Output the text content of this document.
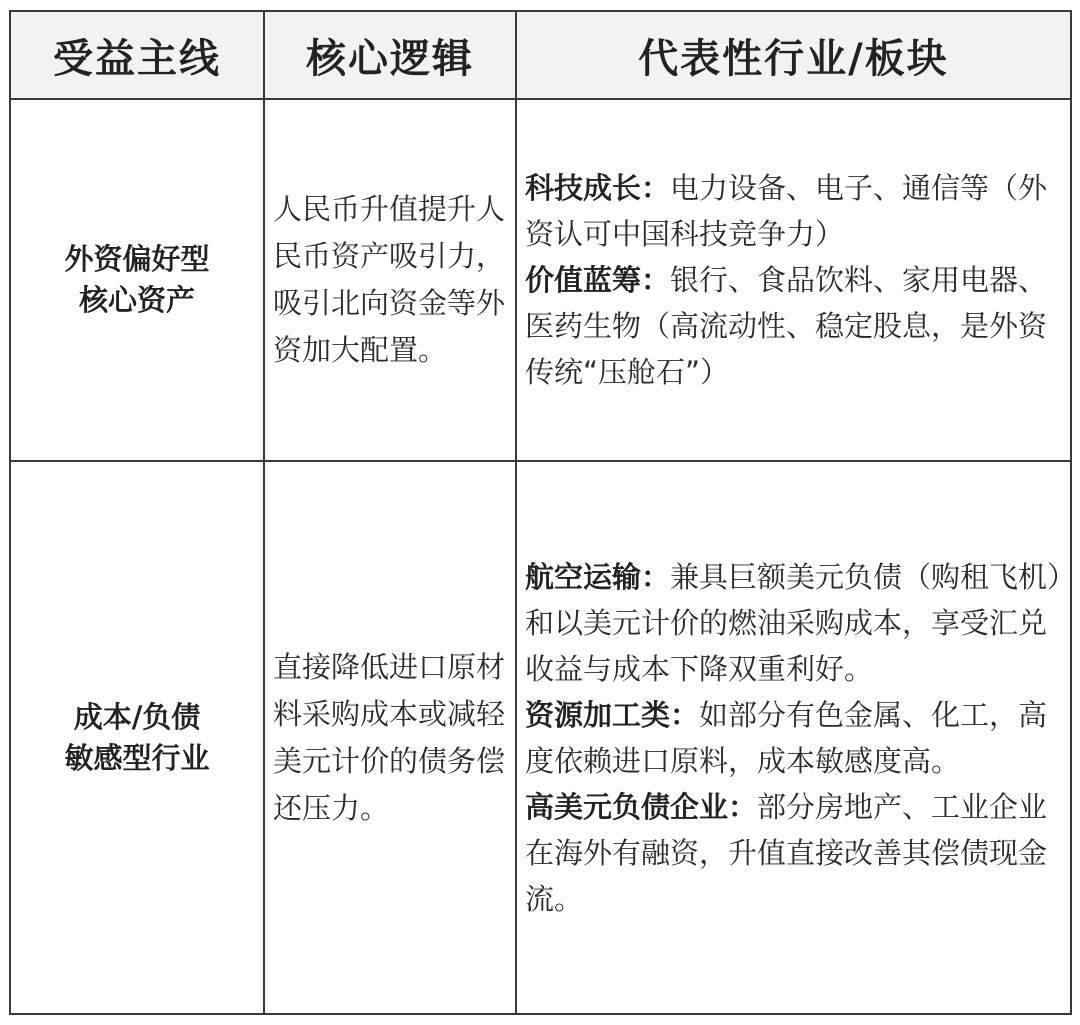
受益主线	核心逻辑	代表性行业/板块

外资偏好型
核心资产	人民币升值提升人民币资产吸引力，吸引北向资金等外资加大配置。	科技成长：电力设备、电子、通信等（外资认可中国科技竞争力）
价值蓝筹：银行、食品饮料、家用电器、医药生物（高流动性、稳定股息，是外资传统“压舱石”）

成本/负债
敏感型行业	直接降低进口原材料采购成本或减轻美元计价的债务偿还压力。	航空运输：兼具巨额美元负债（购租飞机）和以美元计价的燃油采购成本，享受汇兑收益与成本下降双重利好。
资源加工类：如部分有色金属、化工，高度依赖进口原料，成本敏感度高。
高美元负债企业：部分房地产、工业企业在海外有融资，升值直接改善其偿债现金流。
